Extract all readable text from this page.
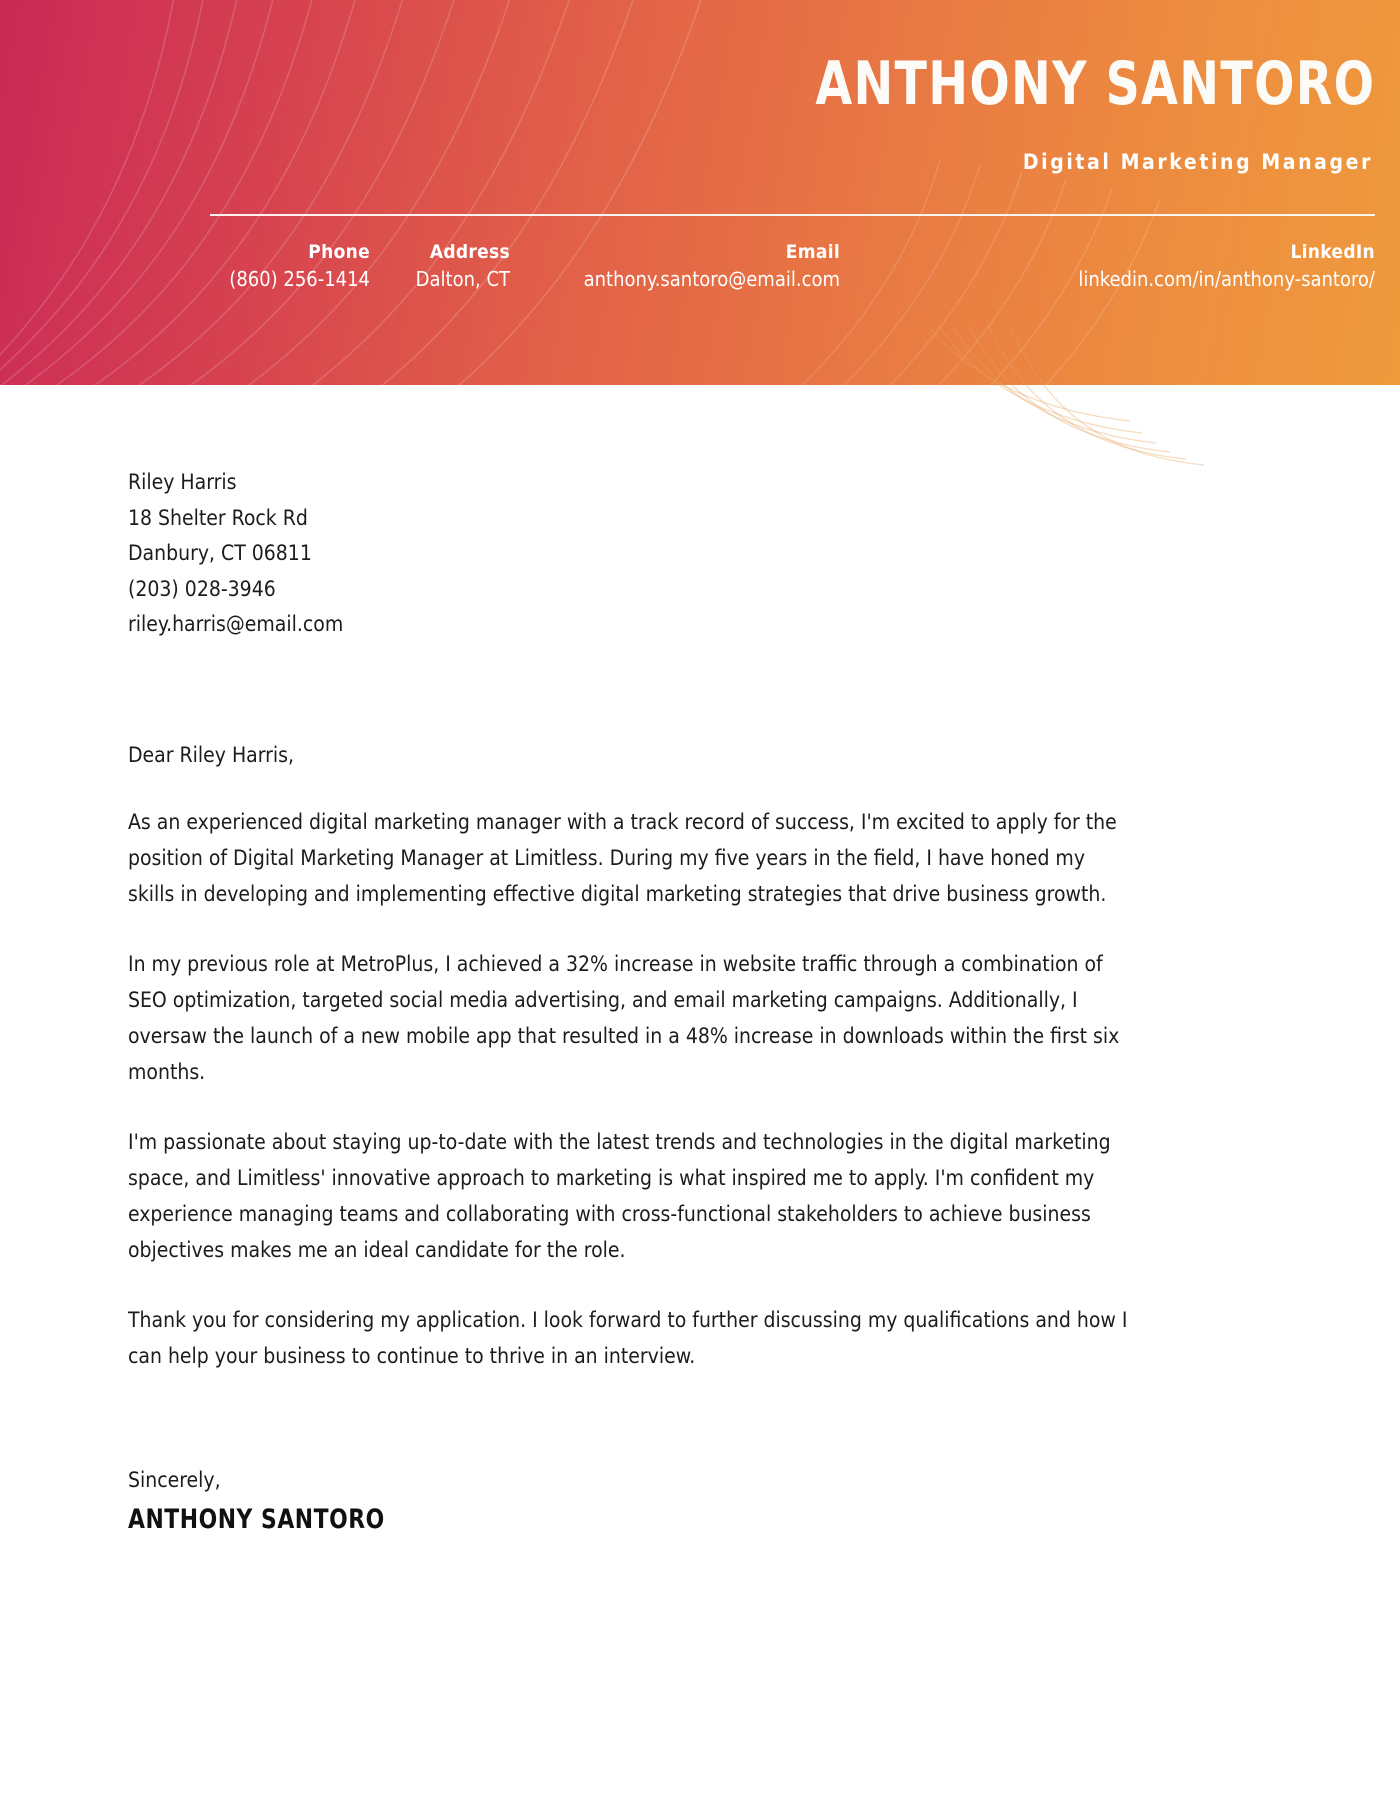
ANTHONY SANTORO
Digital Marketing Manager
Phone
(860) 256-1414
Address
Dalton, CT
Email
anthony.santoro@email.com
LinkedIn
linkedin.com/in/anthony-santoro/
Riley Harris
18 Shelter Rock Rd
Danbury, CT 06811
(203) 028-3946
riley.harris@email.com
Dear Riley Harris,

As an experienced digital marketing manager with a track record of success, I'm excited to apply for the position of Digital Marketing Manager at Limitless. During my five years in the field, I have honed my skills in developing and implementing effective digital marketing strategies that drive business growth.

In my previous role at MetroPlus, I achieved a 32% increase in website traffic through a combination of SEO optimization, targeted social media advertising, and email marketing campaigns. Additionally, I oversaw the launch of a new mobile app that resulted in a 48% increase in downloads within the first six months.

I'm passionate about staying up-to-date with the latest trends and technologies in the digital marketing space, and Limitless' innovative approach to marketing is what inspired me to apply. I'm confident my experience managing teams and collaborating with cross-functional stakeholders to achieve business objectives makes me an ideal candidate for the role.

Thank you for considering my application. I look forward to further discussing my qualifications and how I can help your business to continue to thrive in an interview.

Sincerely,
ANTHONY SANTORO
